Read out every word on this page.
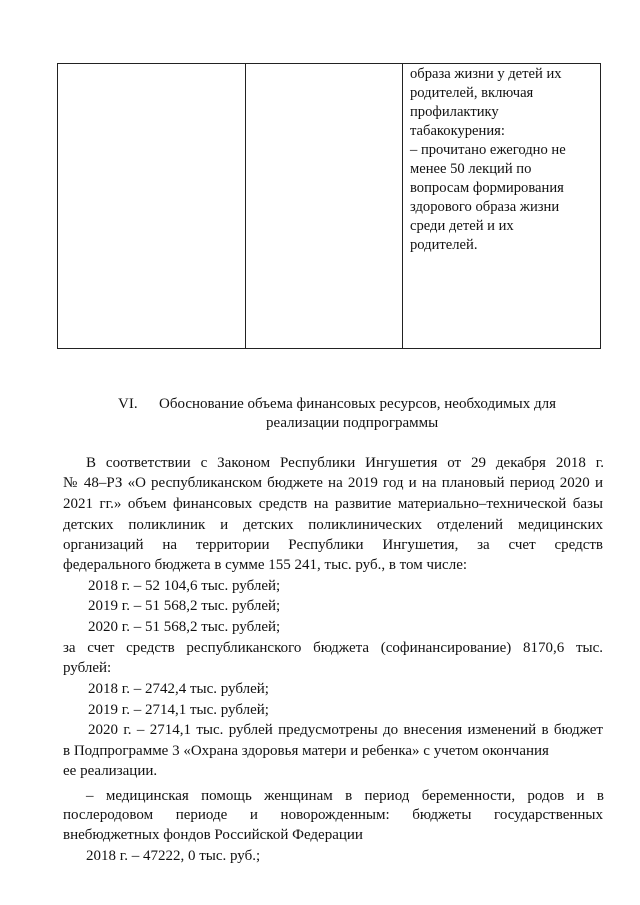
образа жизни у детей их
родителей, включая
профилактику
табакокурения:
– прочитано ежегодно не
менее 50 лекций по
вопросам формирования
здорового образа жизни
среди детей и их
родителей.
VI. Обоснование объема финансовых ресурсов, необходимых для
реализации подпрограммы
В соответствии с Законом Республики Ингушетия от 29 декабря 2018 г.
№ 48–РЗ «О республиканском бюджете на 2019 год и на плановый период 2020 и
2021 гг.» объем финансовых средств на развитие материально–технической базы
детских поликлиник и детских поликлинических отделений медицинских
организаций на территории Республики Ингушетия, за счет средств
федерального бюджета в сумме 155 241, тыс. руб., в том числе:
2018 г. – 52 104,6 тыс. рублей;
2019 г. – 51 568,2 тыс. рублей;
2020 г. – 51 568,2 тыс. рублей;
за счет средств республиканского бюджета (софинансирование) 8170,6 тыс.
рублей:
2018 г. – 2742,4 тыс. рублей;
2019 г. – 2714,1 тыс. рублей;
2020 г. – 2714,1 тыс. рублей предусмотрены до внесения изменений в бюджет
в Подпрограмме 3 «Охрана здоровья матери и ребенка» с учетом окончания
ее реализации.
– медицинская помощь женщинам в период беременности, родов и в
послеродовом периоде и новорожденным: бюджеты государственных
внебюджетных фондов Российской Федерации
2018 г. – 47222, 0 тыс. руб.;
